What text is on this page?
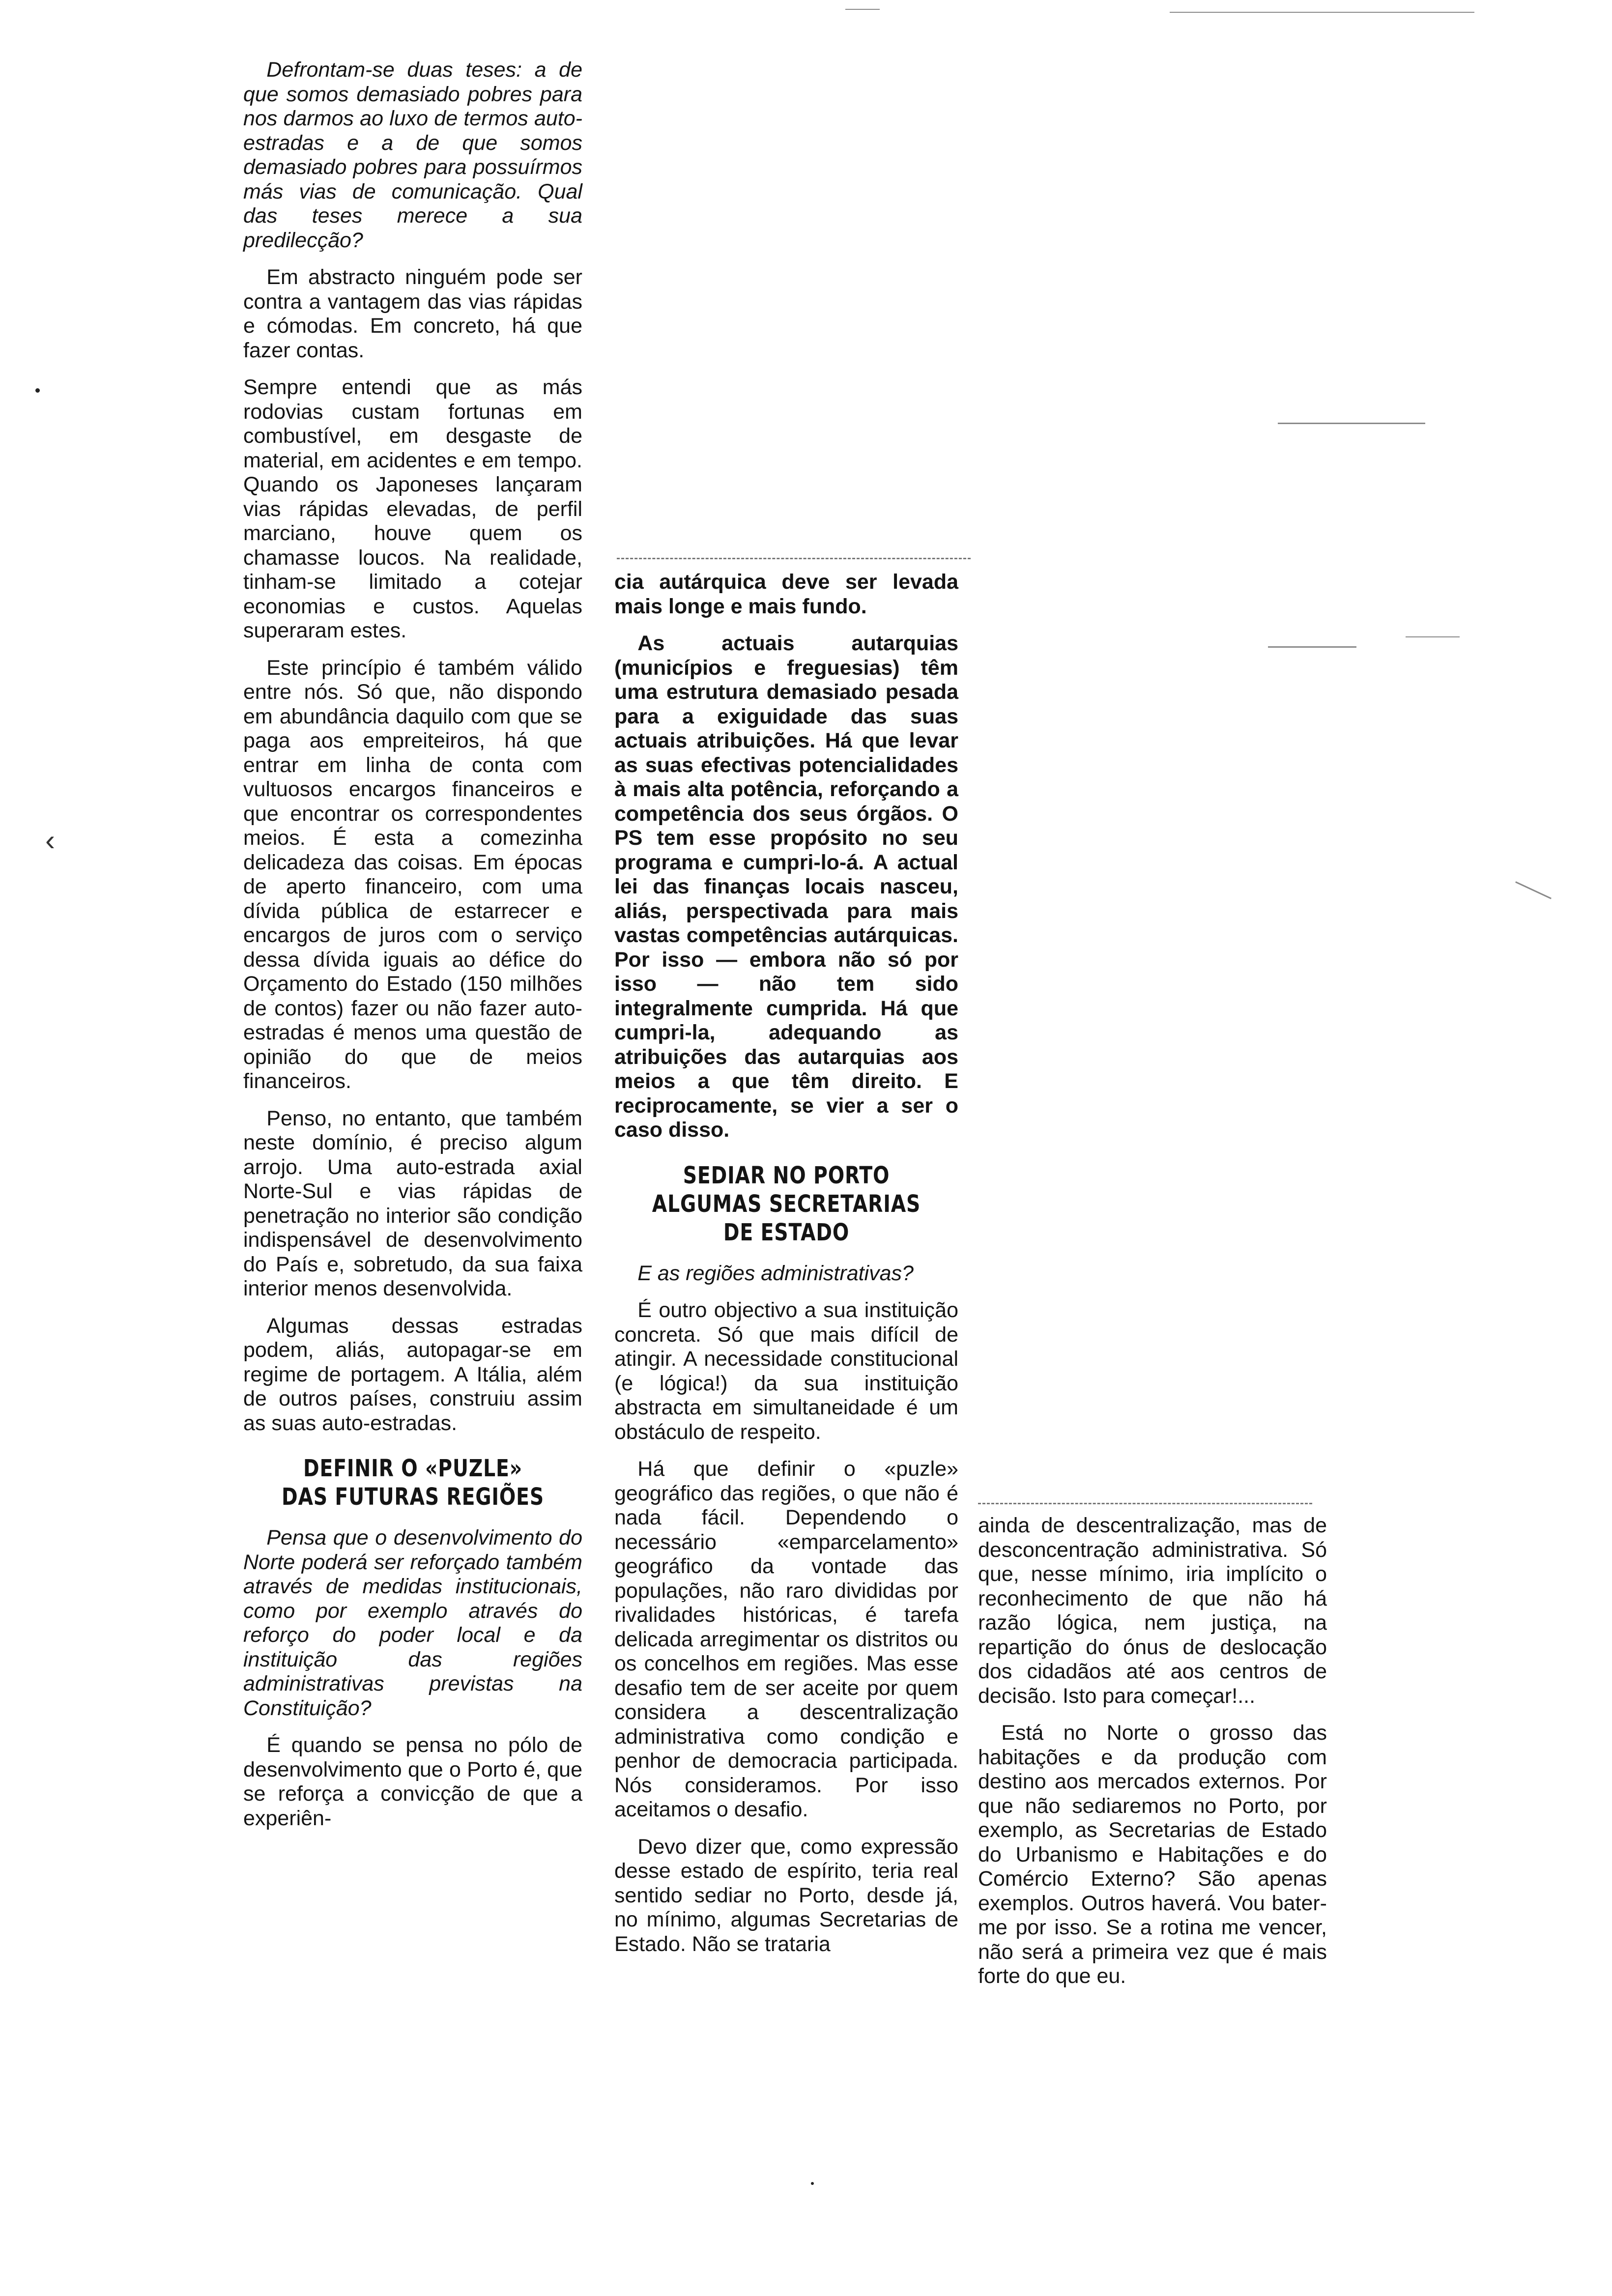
‹

Defrontam-se duas teses: a de que somos demasiado pobres para nos darmos ao luxo de termos auto-estradas e a de que somos demasiado pobres para possuírmos más vias de comunicação. Qual das teses merece a sua predilecção?

Em abstracto ninguém pode ser contra a vantagem das vias rápidas e cómodas. Em concreto, há que fazer contas.

Sempre entendi que as más rodovias custam fortunas em combustível, em desgaste de material, em acidentes e em tempo. Quando os Japoneses lançaram vias rápidas elevadas, de perfil marciano, houve quem os chamasse loucos. Na realidade, tinham-se limitado a cotejar economias e custos. Aquelas superaram estes.

Este princípio é também válido entre nós. Só que, não dispondo em abundância daquilo com que se paga aos empreiteiros, há que entrar em linha de conta com vultuosos encargos financeiros e que encontrar os correspondentes meios. É esta a comezinha delicadeza das coisas. Em épocas de aperto financeiro, com uma dívida pública de estarrecer e encargos de juros com o serviço dessa dívida iguais ao défice do Orçamento do Estado (150 milhões de contos) fazer ou não fazer auto-estradas é menos uma questão de opinião do que de meios financeiros.

Penso, no entanto, que também neste domínio, é preciso algum arrojo. Uma auto-estrada axial Norte-Sul e vias rápidas de penetração no interior são condição indispensável de desenvolvimento do País e, sobretudo, da sua faixa interior menos desenvolvida.

Algumas dessas estradas podem, aliás, autopagar-se em regime de portagem. A Itália, além de outros países, construiu assim as suas auto-estradas.

DEFINIR O «PUZLE»
DAS FUTURAS REGIÕES

Pensa que o desenvolvimento do Norte poderá ser reforçado também através de medidas institucionais, como por exemplo através do reforço do poder local e da instituição das regiões administrativas previstas na Constituição?

É quando se pensa no pólo de desenvolvimento que o Porto é, que se reforça a convicção de que a experiên-

cia autárquica deve ser levada mais longe e mais fundo.

As actuais autarquias (municípios e freguesias) têm uma estrutura demasiado pesada para a exiguidade das suas actuais atribuições. Há que levar as suas efectivas potencialidades à mais alta potência, reforçando a competência dos seus órgãos. O PS tem esse propósito no seu programa e cumpri-lo-á. A actual lei das finanças locais nasceu, aliás, perspectivada para mais vastas competências autárquicas. Por isso — embora não só por isso — não tem sido integralmente cumprida. Há que cumpri-la, adequando as atribuições das autarquias aos meios a que têm direito. E reciprocamente, se vier a ser o caso disso.

SEDIAR NO PORTO
ALGUMAS SECRETARIAS
DE ESTADO

E as regiões administrativas?

É outro objectivo a sua instituição concreta. Só que mais difícil de atingir. A necessidade constitucional (e lógica!) da sua instituição abstracta em simultaneidade é um obstáculo de respeito.

Há que definir o «puzle» geográfico das regiões, o que não é nada fácil. Dependendo o necessário «emparcelamento» geográfico da vontade das populações, não raro divididas por rivalidades históricas, é tarefa delicada arregimentar os distritos ou os concelhos em regiões. Mas esse desafio tem de ser aceite por quem considera a descentralização administrativa como condição e penhor de democracia participada. Nós consideramos. Por isso aceitamos o desafio.

Devo dizer que, como expressão desse estado de espírito, teria real sentido sediar no Porto, desde já, no mínimo, algumas Secretarias de Estado. Não se trataria

ainda de descentralização, mas de desconcentração administrativa. Só que, nesse mínimo, iria implícito o reconhecimento de que não há razão lógica, nem justiça, na repartição do ónus de deslocação dos cidadãos até aos centros de decisão. Isto para começar!...

Está no Norte o grosso das habitações e da produção com destino aos mercados externos. Por que não sediaremos no Porto, por exemplo, as Secretarias de Estado do Urbanismo e Habitações e do Comércio Externo? São apenas exemplos. Outros haverá. Vou bater-me por isso. Se a rotina me vencer, não será a primeira vez que é mais forte do que eu.
